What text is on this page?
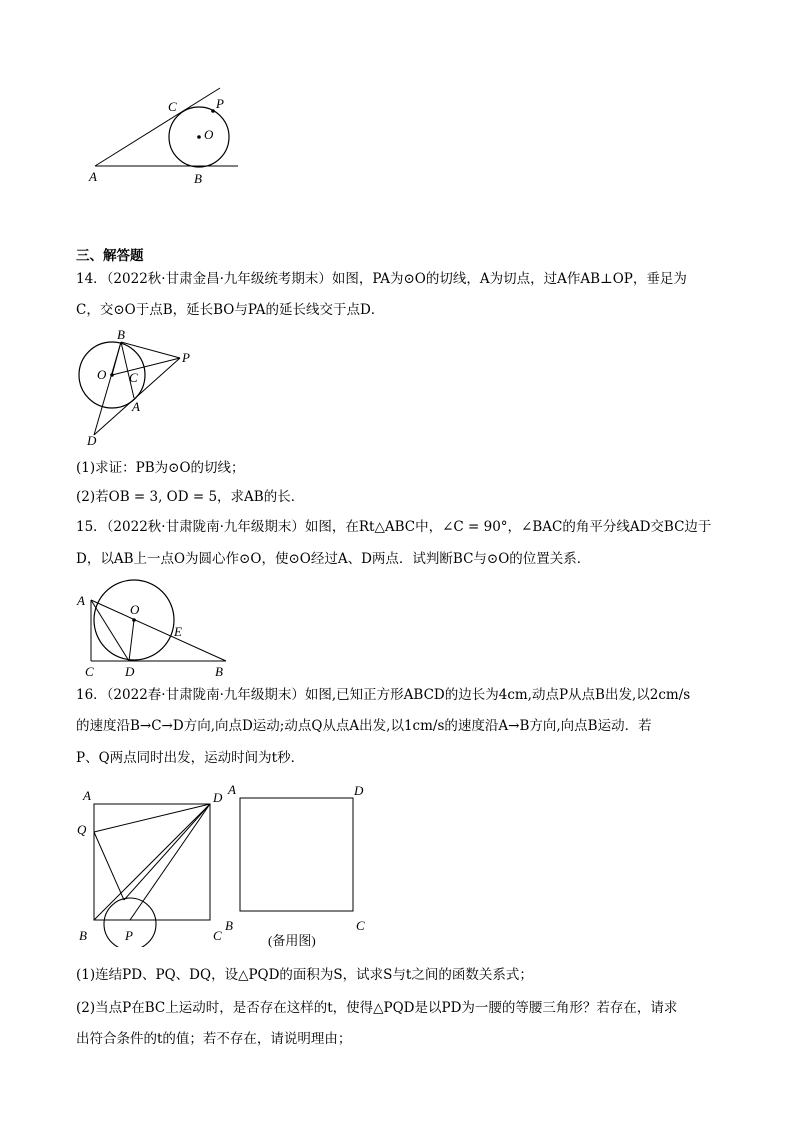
C	P
O
A	B
三、解答题
14．（2022秋·甘肃金昌·九年级统考期末）如图，PA为⊙O的切线，A为切点，过A作AB⊥OP，垂足为
C，交⊙O于点B，延长BO与PA的延长线交于点D．
B
P
O C
A
D
(1)求证：PB为⊙O的切线；
(2)若OB = 3, OD = 5，求AB的长．
15．（2022秋·甘肃陇南·九年级期末）如图，在Rt△ABC中，∠C = 90°，∠BAC的角平分线AD交BC边于
D，以AB上一点O为圆心作⊙O，使⊙O经过A、D两点．试判断BC与⊙O的位置关系．
A
O
E
C D	B
16．（2022春·甘肃陇南·九年级期末）如图,已知正方形ABCD的边长为4cm,动点P从点B出发,以2cm/s
的速度沿B→C→D方向,向点D运动;动点Q从点A出发,以1cm/s的速度沿A→B方向,向点B运动．若
P、Q两点同时出发，运动时间为t秒．
A	D
Q
B	P	C
A	D
B	C
(备用图)
(1)连结PD、PQ、DQ，设△PQD的面积为S，试求S与t之间的函数关系式；
(2)当点P在BC上运动时，是否存在这样的t，使得△PQD是以PD为一腰的等腰三角形？若存在，请求
出符合条件的t的值；若不存在，请说明理由；
